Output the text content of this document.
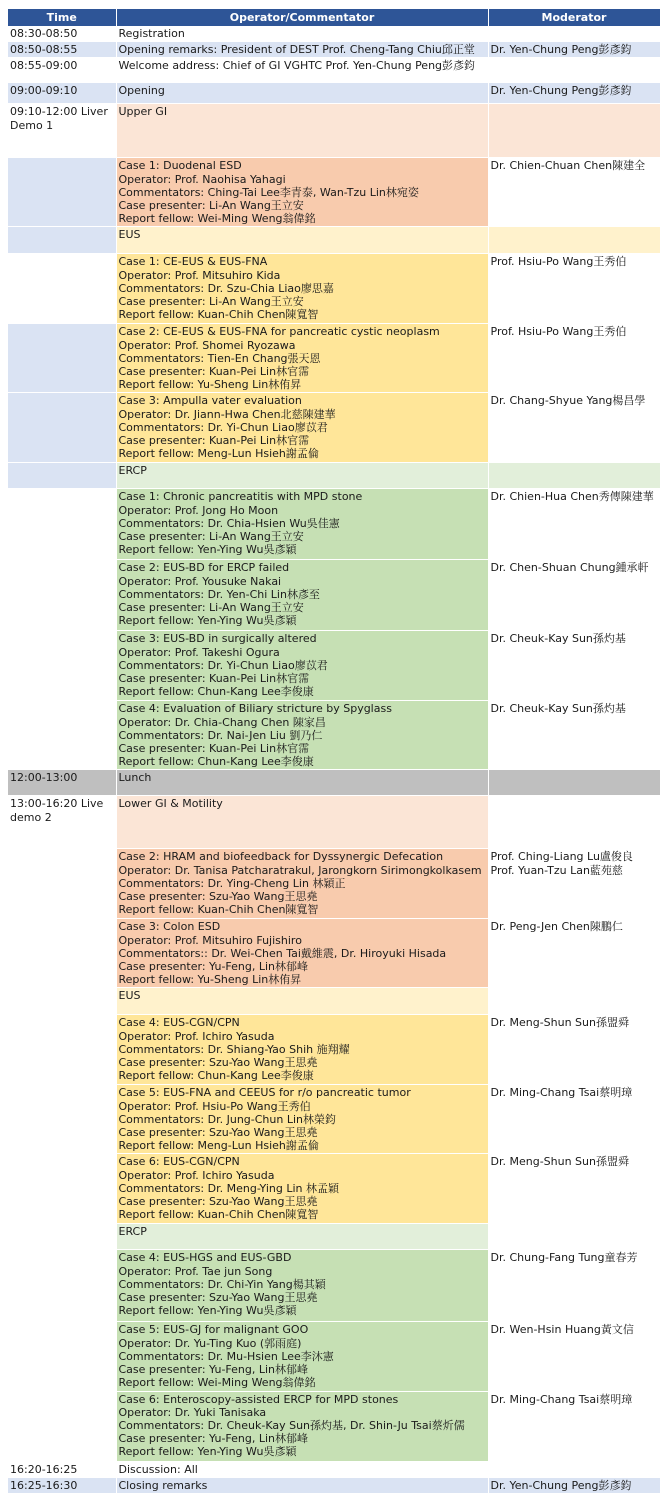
Time	Operator/Commentator	Moderator
08:30-08:50	Registration	
08:50-08:55	Opening remarks: President of DEST Prof. Cheng-Tang Chiu邱正堂	Dr. Yen-Chung Peng彭彥鈞
08:55-09:00	Welcome address: Chief of GI VGHTC Prof. Yen-Chung Peng彭彥鈞	
09:00-09:10	Opening	Dr. Yen-Chung Peng彭彥鈞
09:10-12:00 Liver Demo 1	Upper GI	
	Case 1: Duodenal ESD
Operator: Prof. Naohisa Yahagi
Commentators: Ching-Tai Lee李青泰, Wan-Tzu Lin林宛姿
Case presenter: Li-An Wang王立安
Report fellow: Wei-Ming Weng翁偉銘	Dr. Chien-Chuan Chen陳建全
	EUS	
	Case 1: CE-EUS & EUS-FNA
Operator: Prof. Mitsuhiro Kida
Commentators: Dr. Szu-Chia Liao廖思嘉
Case presenter: Li-An Wang王立安
Report fellow: Kuan-Chih Chen陳寬智	Prof. Hsiu-Po Wang王秀伯
	Case 2: CE-EUS & EUS-FNA for pancreatic cystic neoplasm
Operator: Prof. Shomei Ryozawa
Commentators: Tien-En Chang張天恩
Case presenter: Kuan-Pei Lin林官霈
Report fellow: Yu-Sheng Lin林侑昇	Prof. Hsiu-Po Wang王秀伯
	Case 3: Ampulla vater evaluation
Operator: Dr. Jiann-Hwa Chen北慈陳建華
Commentators: Dr. Yi-Chun Liao廖苡君
Case presenter: Kuan-Pei Lin林官霈
Report fellow: Meng-Lun Hsieh謝孟倫	Dr. Chang-Shyue Yang楊昌學
	ERCP	
	Case 1: Chronic pancreatitis with MPD stone
Operator: Prof. Jong Ho Moon
Commentators: Dr. Chia-Hsien Wu吳佳憲
Case presenter: Li-An Wang王立安
Report fellow: Yen-Ying Wu吳彥穎	Dr. Chien-Hua Chen秀傳陳建華
	Case 2: EUS-BD for ERCP failed
Operator: Prof. Yousuke Nakai
Commentators: Dr. Yen-Chi Lin林彥至
Case presenter: Li-An Wang王立安
Report fellow: Yen-Ying Wu吳彥穎	Dr. Chen-Shuan Chung鍾承軒
	Case 3: EUS-BD in surgically altered
Operator: Prof. Takeshi Ogura
Commentators: Dr. Yi-Chun Liao廖苡君
Case presenter: Kuan-Pei Lin林官霈
Report fellow: Chun-Kang Lee李俊康	Dr. Cheuk-Kay Sun孫灼基
	Case 4: Evaluation of Biliary stricture by Spyglass
Operator: Dr. Chia-Chang Chen 陳家昌
Commentators: Dr. Nai-Jen Liu 劉乃仁
Case presenter: Kuan-Pei Lin林官霈
Report fellow: Chun-Kang Lee李俊康	Dr. Cheuk-Kay Sun孫灼基
12:00-13:00	Lunch	
13:00-16:20 Live demo 2	Lower GI & Motility	
	Case 2: HRAM and biofeedback for Dyssynergic Defecation
Operator: Dr. Tanisa Patcharatrakul, Jarongkorn Sirimongkolkasem
Commentators: Dr. Ying-Cheng Lin 林穎正
Case presenter: Szu-Yao Wang王思堯
Report fellow: Kuan-Chih Chen陳寬智	Prof. Ching-Liang Lu盧俊良
Prof. Yuan-Tzu Lan藍苑慈
	Case 3: Colon ESD
Operator: Prof. Mitsuhiro Fujishiro
Commentators:: Dr. Wei-Chen Tai戴維震, Dr. Hiroyuki Hisada
Case presenter: Yu-Feng, Lin林郁峰
Report fellow: Yu-Sheng Lin林侑昇	Dr. Peng-Jen Chen陳鵬仁
	EUS	
	Case 4: EUS-CGN/CPN
Operator: Prof. Ichiro Yasuda
Commentators: Dr. Shiang-Yao Shih 施翔耀
Case presenter: Szu-Yao Wang王思堯
Report fellow: Chun-Kang Lee李俊康	Dr. Meng-Shun Sun孫盟舜
	Case 5: EUS-FNA and CEEUS for r/o pancreatic tumor
Operator: Prof. Hsiu-Po Wang王秀伯
Commentators: Dr. Jung-Chun Lin林榮鈞
Case presenter: Szu-Yao Wang王思堯
Report fellow: Meng-Lun Hsieh謝孟倫	Dr. Ming-Chang Tsai蔡明璋
	Case 6: EUS-CGN/CPN
Operator: Prof. Ichiro Yasuda
Commentators: Dr. Meng-Ying Lin 林孟穎
Case presenter: Szu-Yao Wang王思堯
Report fellow: Kuan-Chih Chen陳寬智	Dr. Meng-Shun Sun孫盟舜
	ERCP	
	Case 4: EUS-HGS and EUS-GBD
Operator: Prof. Tae jun Song
Commentators: Dr. Chi-Yin Yang楊其穎
Case presenter: Szu-Yao Wang王思堯
Report fellow: Yen-Ying Wu吳彥穎	Dr. Chung-Fang Tung童春芳
	Case 5: EUS-GJ for malignant GOO
Operator: Dr. Yu-Ting Kuo (郭雨庭)
Commentators: Dr. Mu-Hsien Lee李沐憲
Case presenter: Yu-Feng, Lin林郁峰
Report fellow: Wei-Ming Weng翁偉銘	Dr. Wen-Hsin Huang黃文信
	Case 6: Enteroscopy-assisted ERCP for MPD stones
Operator: Dr. Yuki Tanisaka
Commentators: Dr. Cheuk-Kay Sun孫灼基, Dr. Shin-Ju Tsai蔡炘儒
Case presenter: Yu-Feng, Lin林郁峰
Report fellow: Yen-Ying Wu吳彥穎	Dr. Ming-Chang Tsai蔡明璋
16:20-16:25	Discussion: All	
16:25-16:30	Closing remarks	Dr. Yen-Chung Peng彭彥鈞
